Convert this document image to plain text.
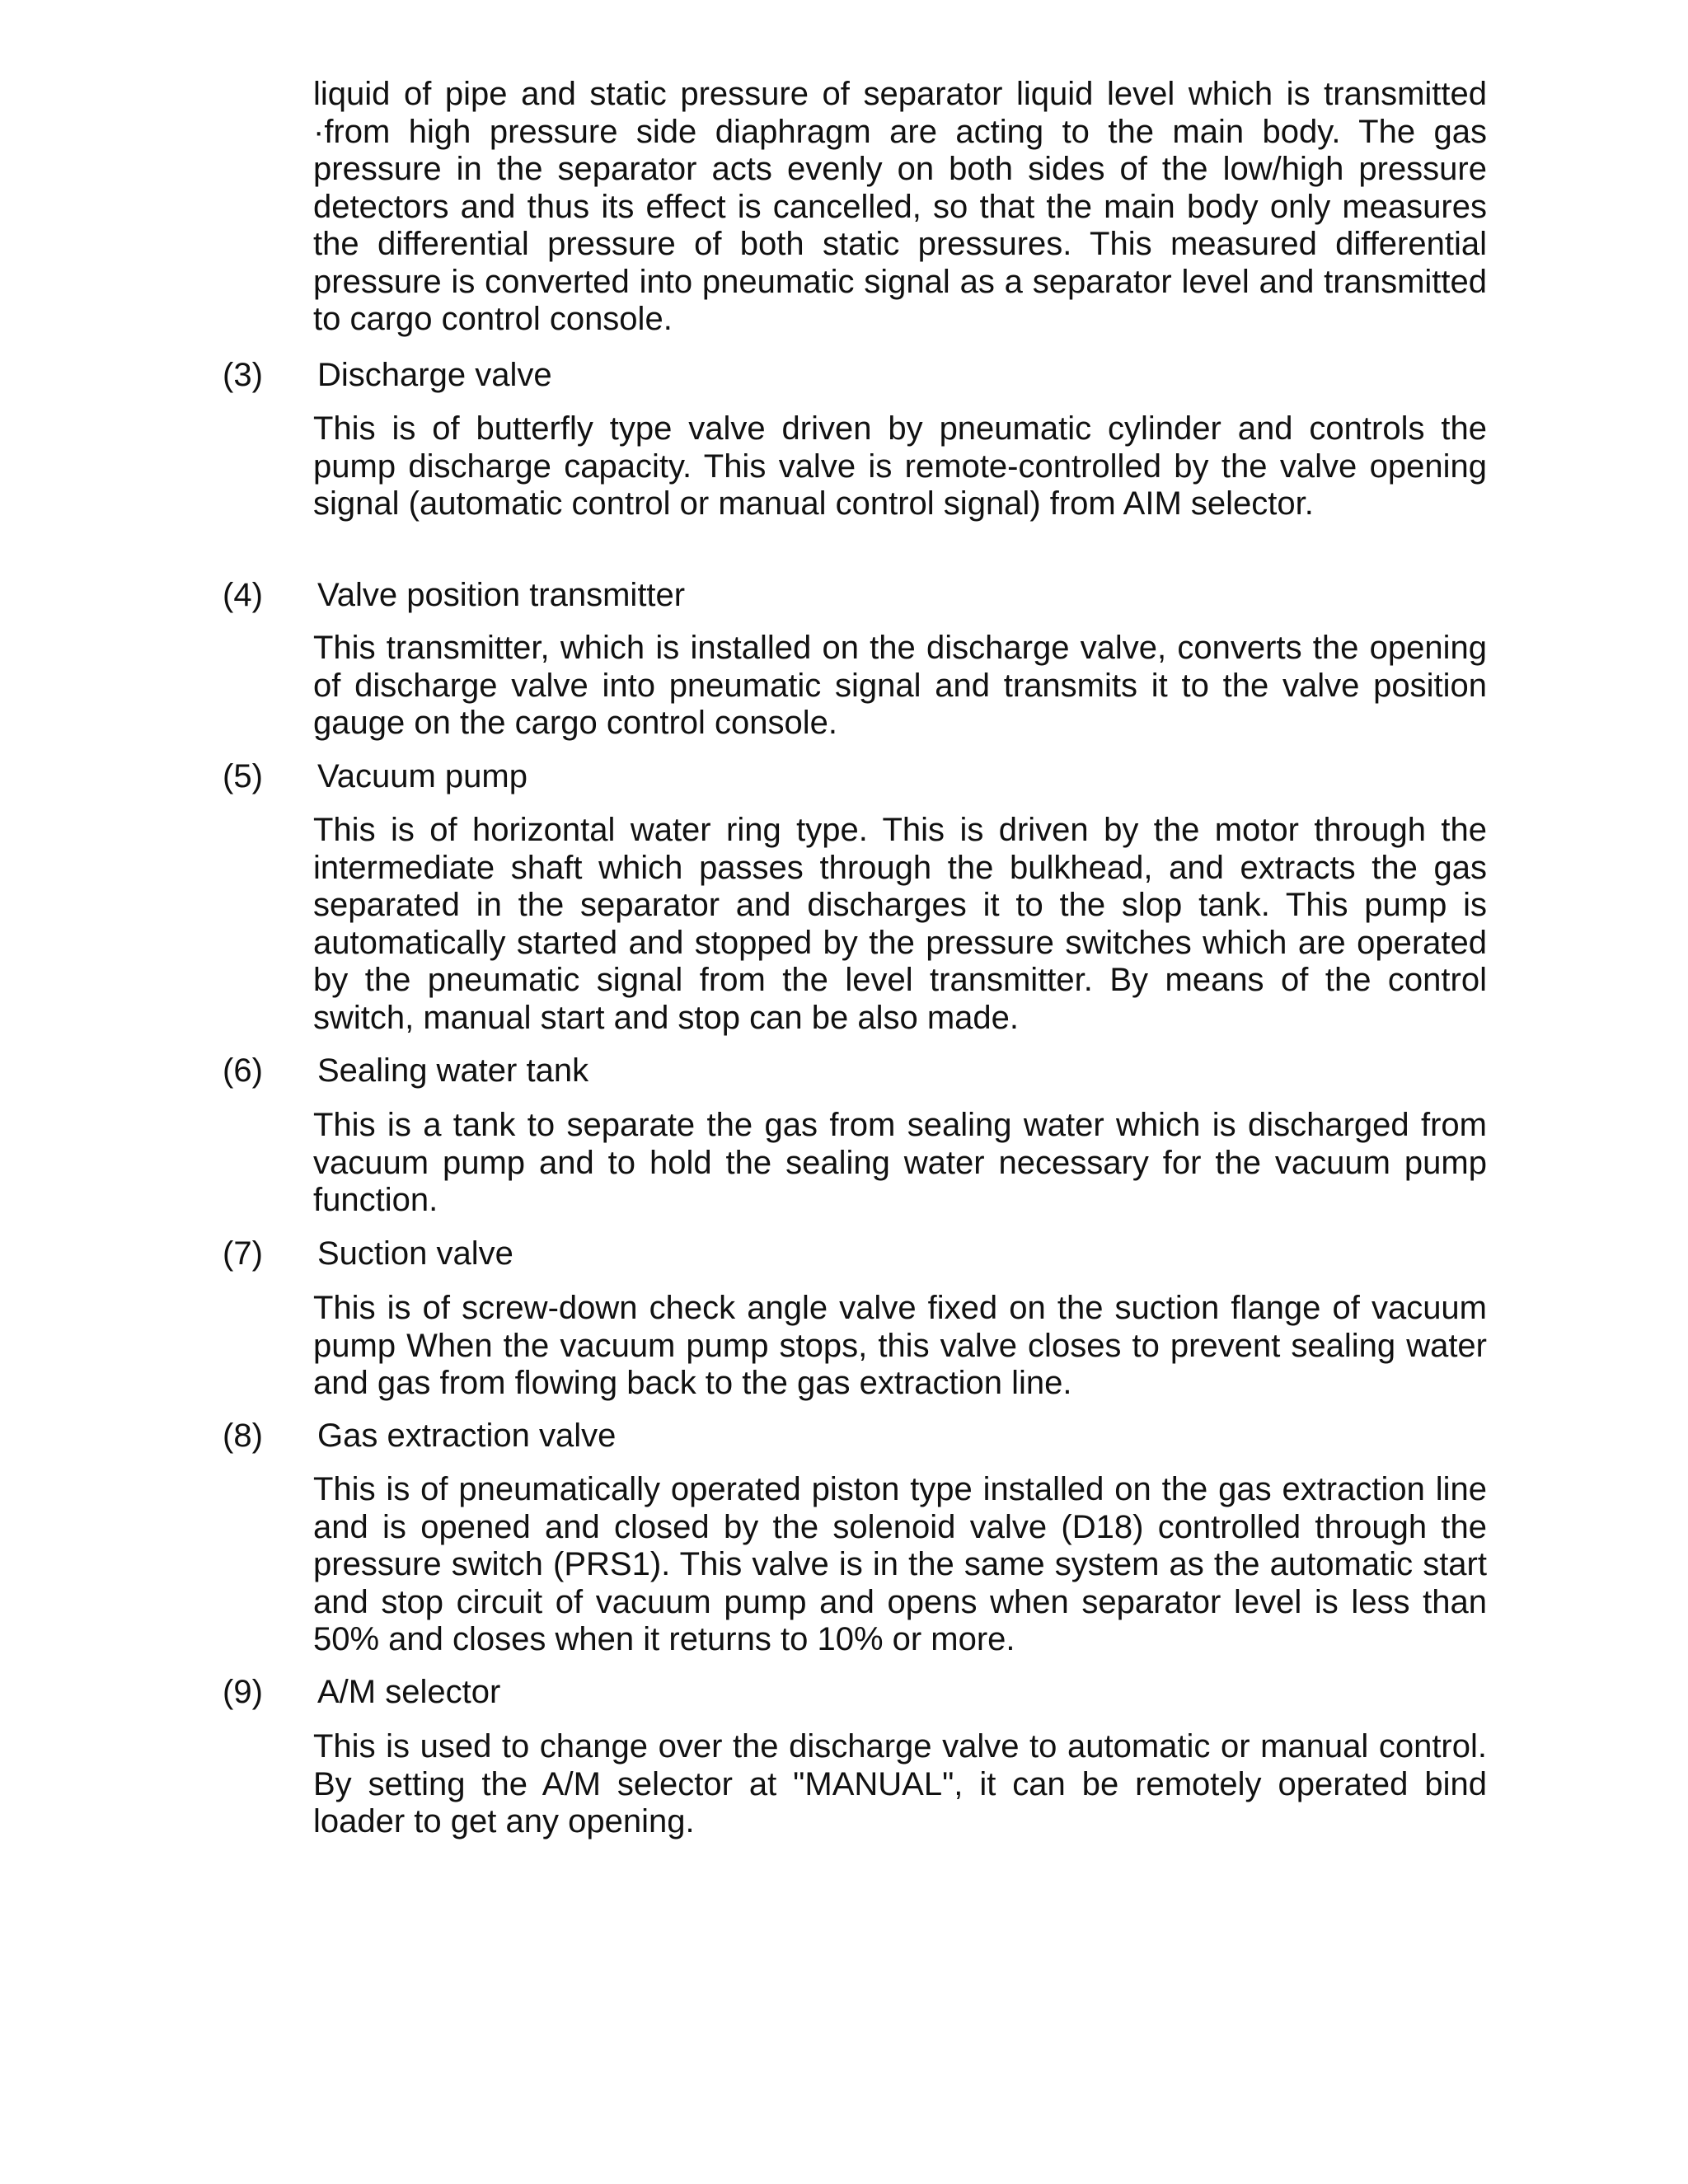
liquid of pipe and static pressure of separator liquid level which is transmitted ·from high pressure side diaphragm are acting to the main body. The gas pressure in the separator acts evenly on both sides of the low/high pressure detectors and thus its effect is cancelled, so that the main body only measures the differential pressure of both static pressures. This measured differential pressure is converted into pneumatic signal as a separator level and transmitted to cargo control console.

(3) Discharge valve

This is of butterfly type valve driven by pneumatic cylinder and controls the pump discharge capacity. This valve is remote-controlled by the valve opening signal (automatic control or manual control signal) from AIM selector.

(4) Valve position transmitter

This transmitter, which is installed on the discharge valve, converts the opening of discharge valve into pneumatic signal and transmits it to the valve position gauge on the cargo control console.

(5) Vacuum pump

This is of horizontal water ring type. This is driven by the motor through the intermediate shaft which passes through the bulkhead, and extracts the gas separated in the separator and discharges it to the slop tank. This pump is automatically started and stopped by the pressure switches which are operated by the pneumatic signal from the level transmitter. By means of the control switch, manual start and stop can be also made.

(6) Sealing water tank

This is a tank to separate the gas from sealing water which is discharged from vacuum pump and to hold the sealing water necessary for the vacuum pump function.

(7) Suction valve

This is of screw-down check angle valve fixed on the suction flange of vacuum pump When the vacuum pump stops, this valve closes to prevent sealing water and gas from flowing back to the gas extraction line.

(8) Gas extraction valve

This is of pneumatically operated piston type installed on the gas extraction line and is opened and closed by the solenoid valve (D18) controlled through the pressure switch (PRS1). This valve is in the same system as the automatic start and stop circuit of vacuum pump and opens when separator level is less than 50% and closes when it returns to 10% or more.

(9) A/M selector

This is used to change over the discharge valve to automatic or manual control. By setting the A/M selector at "MANUAL", it can be remotely operated bind loader to get any opening.
